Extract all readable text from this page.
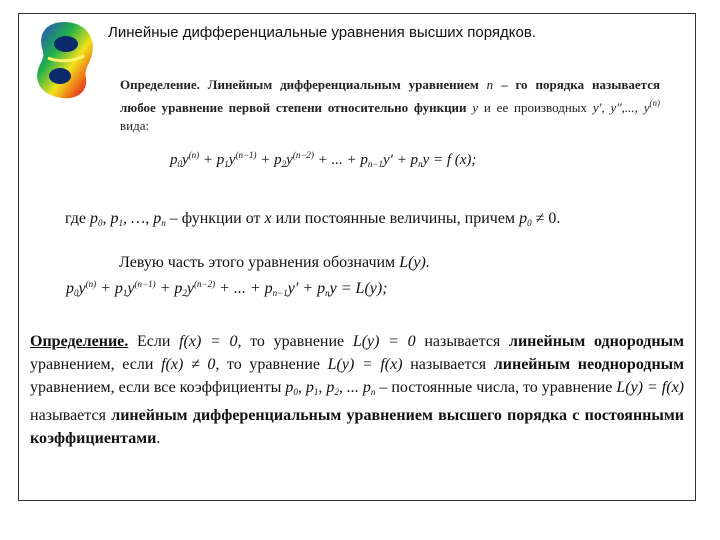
Линейные дифференциальные уравнения высших порядков.
Определение. Линейным дифференциальным уравнением n – го порядка называется любое уравнение первой степени относительно функции y и ее производных y′, y″,..., $y^{(n)}$ вида:
$p_0y^{(n)} + p_1y^{(n-1)} + p_2y^{(n-2)}$ + ... + $p_{n-1}y' + p_ny = f$ (x);
где $p_0$, $p_1$, …, $p_n$ – функции от x или постоянные величины, причем $p_0 \ne 0$.
Левую часть этого уравнения обозначим L(y).
$p_0y^{(n)} + p_1y^{(n-1)} + p_2y^{(n-2)}$ + ... + $p_{n-1}y' + p_ny = L(y)$;
Определение. Если f(x) = 0, то уравнение L(y) = 0 называется линейным однородным уравнением, если f(x) ≠ 0, то уравнение L(y) = f(x) называется линейным неоднородным уравнением, если все коэффициенты $p_0$, $p_1$, $p_2$, ... $p_n$ – постоянные числа, то уравнение L(y) = f(x) называется линейным дифференциальным уравнением высшего порядка с постоянными коэффициентами.
